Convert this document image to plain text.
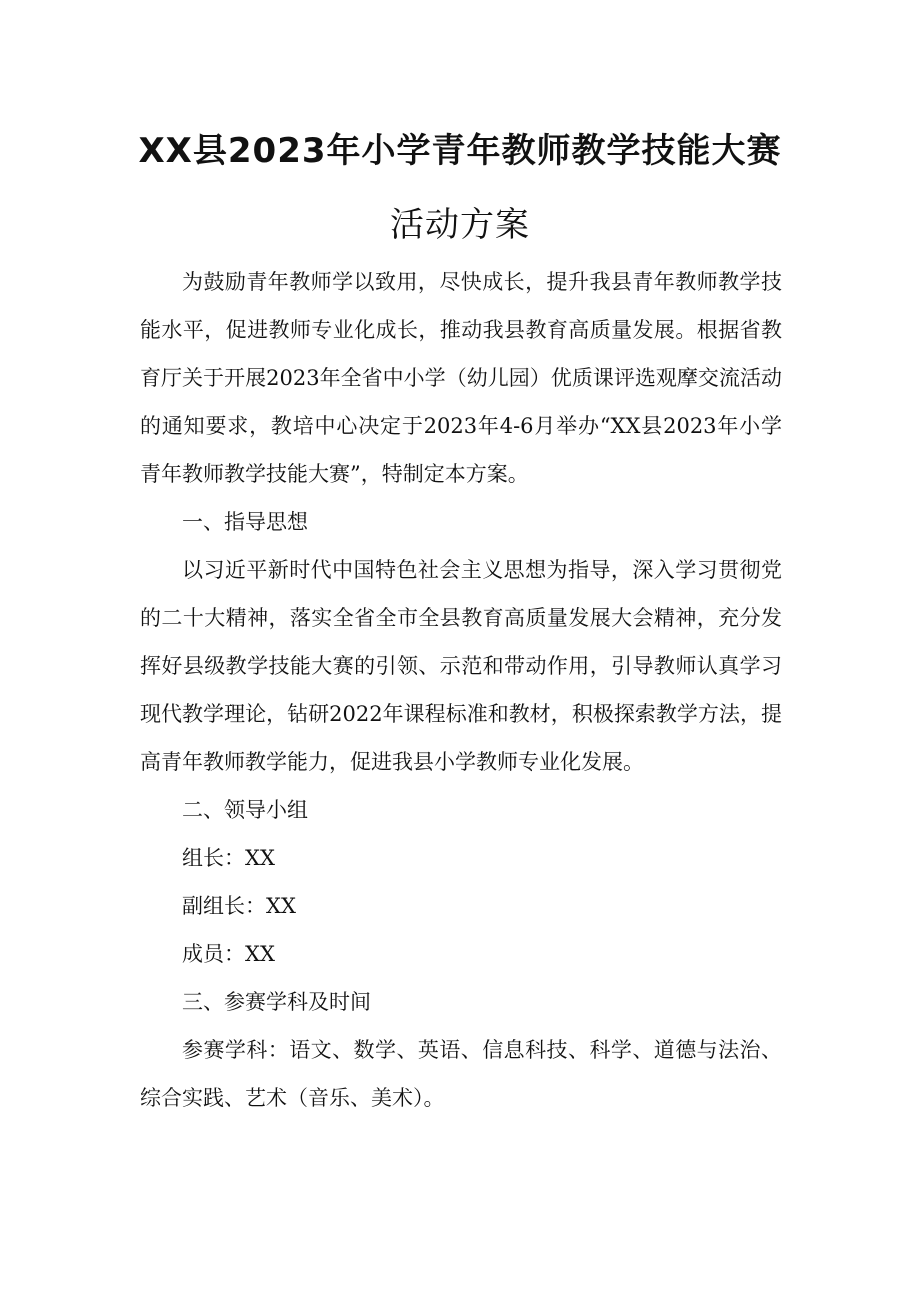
XX县2023年小学青年教师教学技能大赛
活动方案

为鼓励青年教师学以致用，尽快成长，提升我县青年教师教学技能水平，促进教师专业化成长，推动我县教育高质量发展。根据省教育厅关于开展2023年全省中小学（幼儿园）优质课评选观摩交流活动的通知要求，教培中心决定于2023年4-6月举办“XX县2023年小学青年教师教学技能大赛”，特制定本方案。

一、指导思想

以习近平新时代中国特色社会主义思想为指导，深入学习贯彻党的二十大精神，落实全省全市全县教育高质量发展大会精神，充分发挥好县级教学技能大赛的引领、示范和带动作用，引导教师认真学习现代教学理论，钻研2022年课程标准和教材，积极探索教学方法，提高青年教师教学能力，促进我县小学教师专业化发展。

二、领导小组

组长：XX

副组长：XX

成员：XX

三、参赛学科及时间

参赛学科：语文、数学、英语、信息科技、科学、道德与法治、综合实践、艺术（音乐、美术）。
